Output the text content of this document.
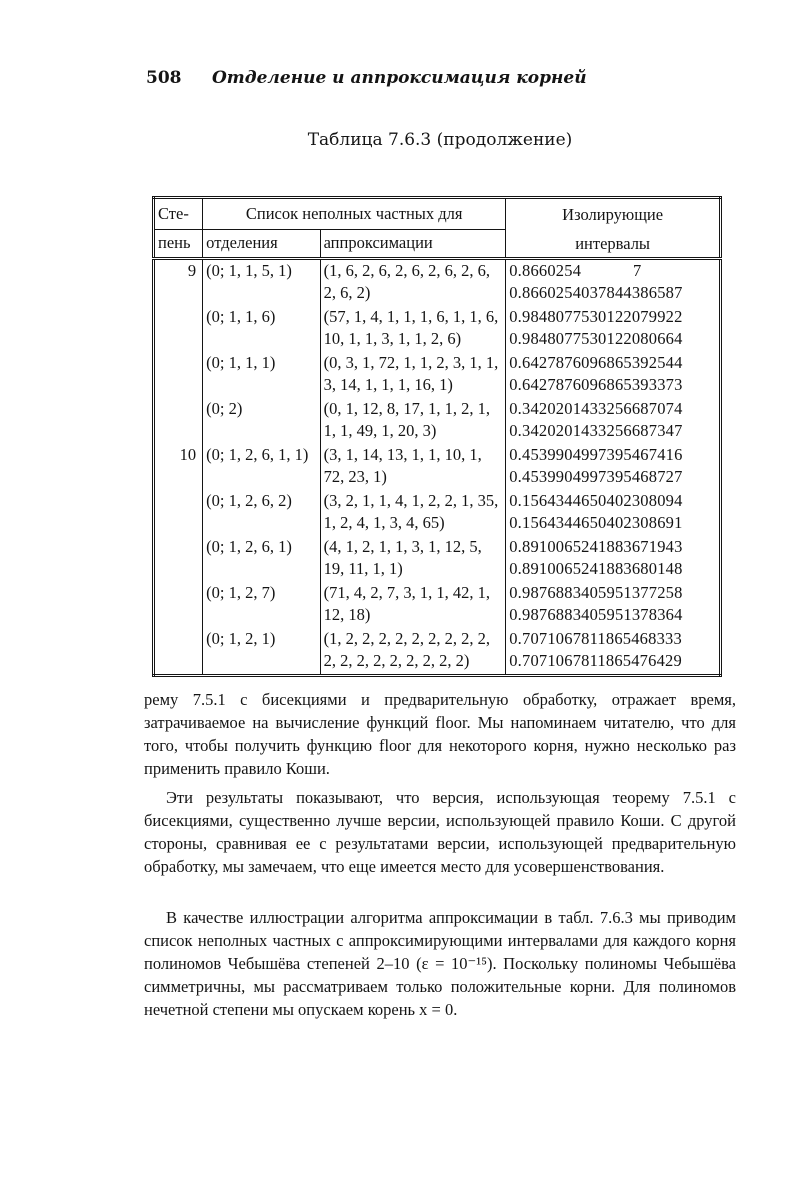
508 Отделение и аппроксимация корней
Таблица 7.6.3 (продолжение)
Сте-	Список неполных частных для		Изолирующие
пень	отделения	аппроксимации	интервалы
9	(0; 1, 1, 5, 1)	(1, 6, 2, 6, 2, 6, 2, 6, 2, 6, 2, 6, 2)	0.8660254            7
0.8660254037844386587

	(0; 1, 1, 6)	(57, 1, 4, 1, 1, 1, 6, 1, 1, 6, 10, 1, 1, 3, 1, 1, 2, 6)	0.9848077530122079922
0.9848077530122080664

	(0; 1, 1, 1)	(0, 3, 1, 72, 1, 1, 2, 3, 1, 1, 3, 14, 1, 1, 1, 16, 1)	0.6427876096865392544
0.6427876096865393373

	(0; 2)	(0, 1, 12, 8, 17, 1, 1, 2, 1, 1, 1, 49, 1, 20, 3)	0.3420201433256687074
0.3420201433256687347

10	(0; 1, 2, 6, 1, 1)	(3, 1, 14, 13, 1, 1, 10, 1, 72, 23, 1)	0.4539904997395467416
0.4539904997395468727

	(0; 1, 2, 6, 2)	(3, 2, 1, 1, 4, 1, 2, 2, 1, 35, 1, 2, 4, 1, 3, 4, 65)	0.1564344650402308094
0.1564344650402308691

	(0; 1, 2, 6, 1)	(4, 1, 2, 1, 1, 3, 1, 12, 5, 19, 11, 1, 1)	0.8910065241883671943
0.8910065241883680148

	(0; 1, 2, 7)	(71, 4, 2, 7, 3, 1, 1, 42, 1, 12, 18)	0.9876883405951377258
0.9876883405951378364

	(0; 1, 2, 1)	(1, 2, 2, 2, 2, 2, 2, 2, 2, 2, 2, 2, 2, 2, 2, 2, 2, 2, 2)	0.7071067811865468333
0.7071067811865476429
рему 7.5.1 с бисекциями и предварительную обработку, отражает время, затрачиваемое на вычисление функций floor. Мы напоминаем читателю, что для того, чтобы получить функцию floor для некоторого корня, нужно несколько раз применить правило Коши.
Эти результаты показывают, что версия, использующая теорему 7.5.1 с бисекциями, существенно лучше версии, использующей правило Коши. С другой стороны, сравнивая ее с результатами версии, использующей предварительную обработку, мы замечаем, что еще имеется место для усовершенствования.
В качестве иллюстрации алгоритма аппроксимации в табл. 7.6.3 мы приводим список неполных частных с аппроксимирующими интервалами для каждого корня полиномов Чебышёва степеней 2–10 (ε = 10⁻¹⁵). Поскольку полиномы Чебышёва симметричны, мы рассматриваем только положительные корни. Для полиномов нечетной степени мы опускаем корень x = 0.
